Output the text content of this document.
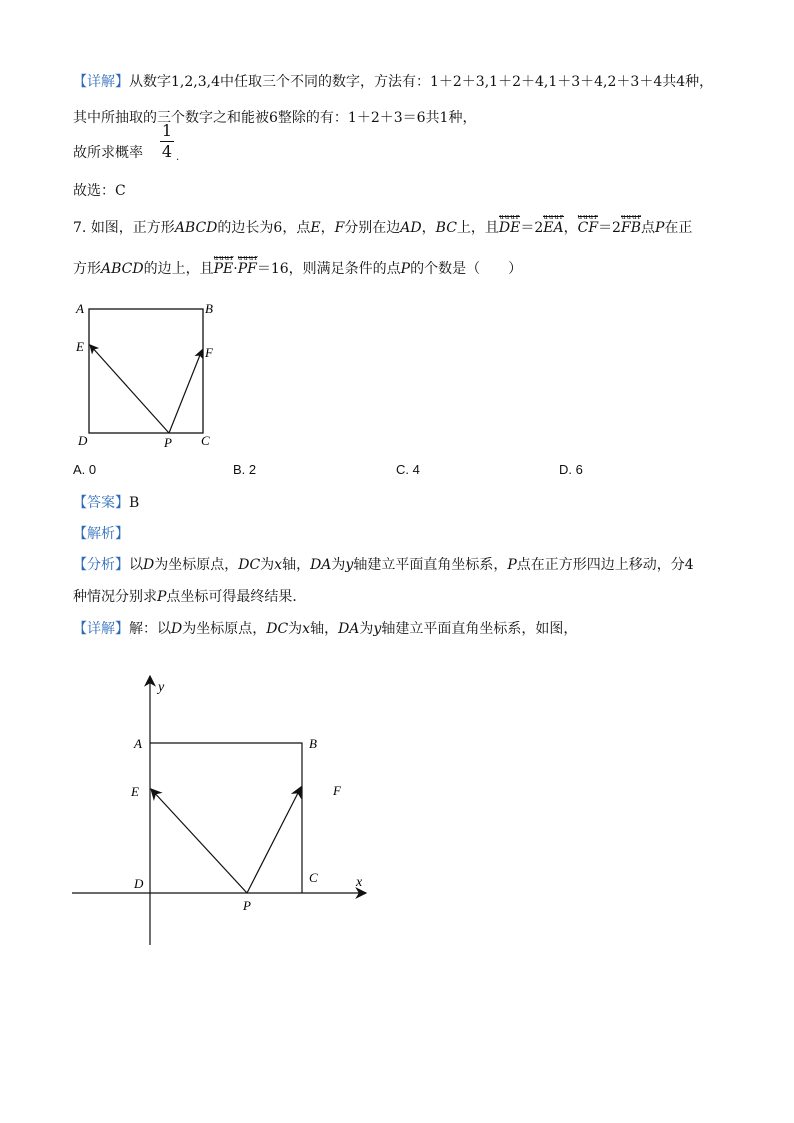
【详解】从数字1,2,3,4中任取三个不同的数字，方法有：1＋2＋3,1＋2＋4,1＋3＋4,2＋3＋4共4种，
其中所抽取的三个数字之和能被6整除的有：1＋2＋3＝6共1种，
故所求概率
1
4 .
故选：C
7. 如图，正方形ABCD的边长为6，点E，F分别在边AD，BC上，且
uuur
DE＝2
uuur
EA，
uuur
CF＝2
uuur
FB点P在正
方形ABCD的边上，且
uuur
PE·
uuur
PF＝16，则满足条件的点P的个数是（　　）
A	B
C
D
E	F
P
A. 0	B. 2	C. 4	D. 6
【答案】B
【解析】
【分析】以D为坐标原点，DC为x轴，DA为y轴建立平面直角坐标系，P点在正方形四边上移动，分4
种情况分别求P点坐标可得最终结果．
【详解】解：以D为坐标原点，DC为x轴，DA为y轴建立平面直角坐标系，如图，
y
x
A	B
E	F
D	C
P
